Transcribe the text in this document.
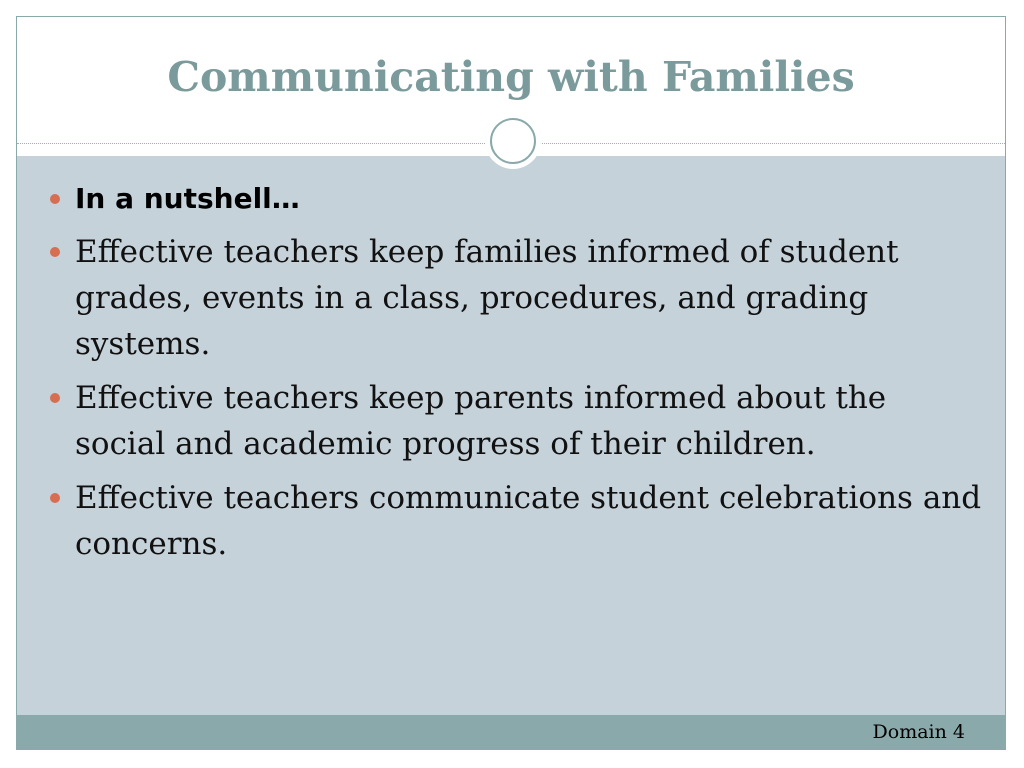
Communicating with Families
In a nutshell…
Effective teachers keep families informed of student grades, events in a class, procedures, and grading systems.
Effective teachers keep parents informed about the social and academic progress of their children.
Effective teachers communicate student celebrations and concerns.
Domain 4
